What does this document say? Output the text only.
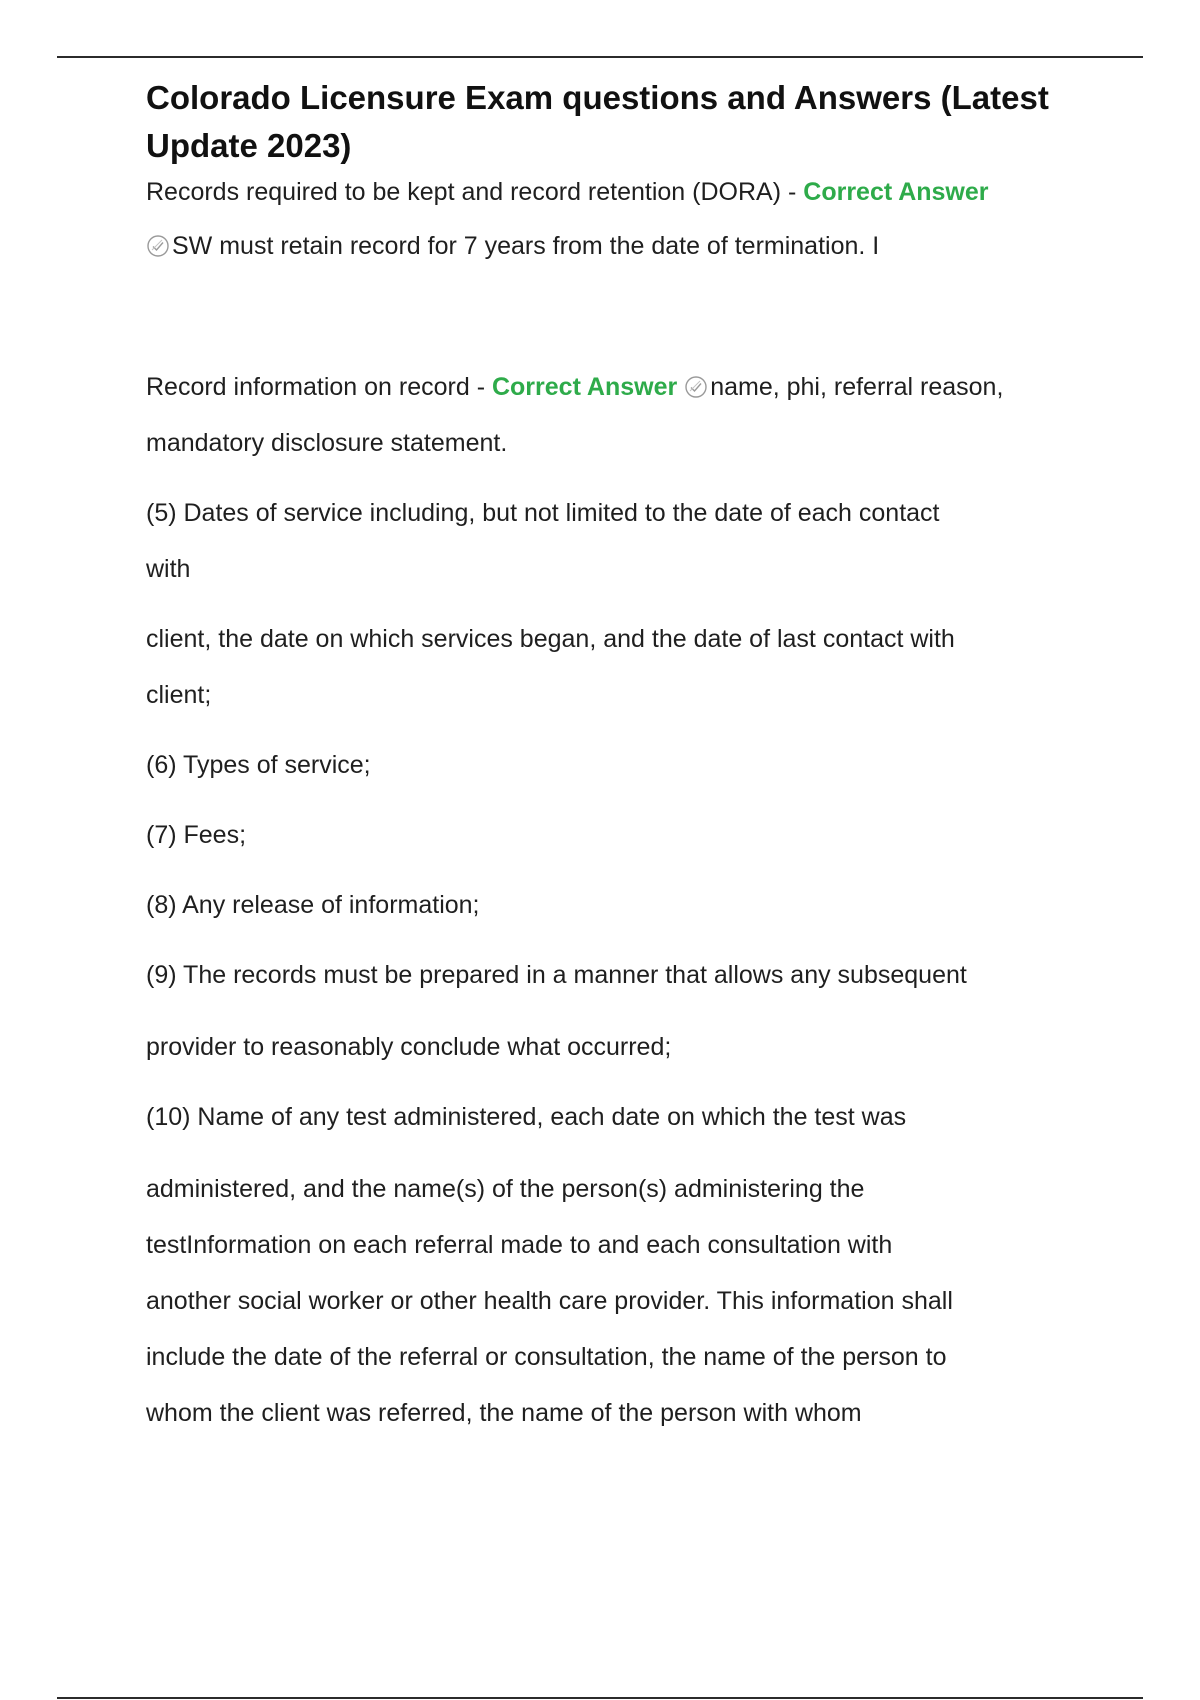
Colorado Licensure Exam questions and Answers (Latest
Update 2023)
Records required to be kept and record retention (DORA) - Correct Answer
SW must retain record for 7 years from the date of termination. I
Record information on record - Correct Answer name, phi, referral reason,
mandatory disclosure statement.
(5) Dates of service including, but not limited to the date of each contact
with
client, the date on which services began, and the date of last contact with
client;
(6) Types of service;
(7) Fees;
(8) Any release of information;
(9) The records must be prepared in a manner that allows any subsequent
provider to reasonably conclude what occurred;
(10) Name of any test administered, each date on which the test was
administered, and the name(s) of the person(s) administering the
testInformation on each referral made to and each consultation with
another social worker or other health care provider. This information shall
include the date of the referral or consultation, the name of the person to
whom the client was referred, the name of the person with whom
